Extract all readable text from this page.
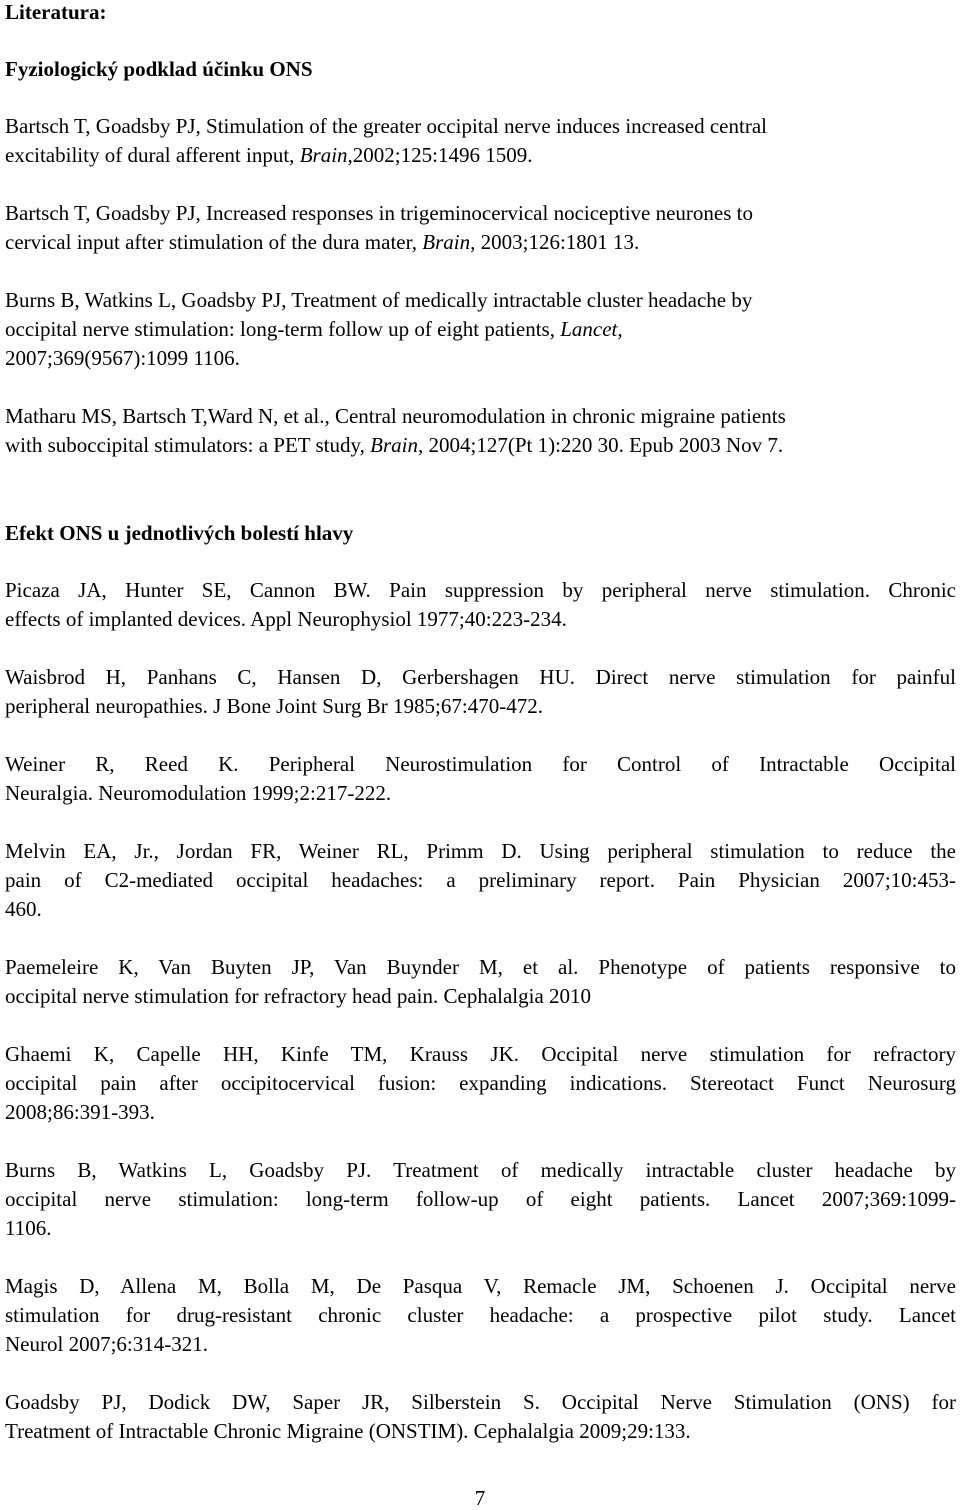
Literatura:
Fyziologický podklad účinku ONS
Bartsch T, Goadsby PJ, Stimulation of the greater occipital nerve induces increased central
excitability of dural afferent input, Brain,2002;125:1496 1509.
Bartsch T, Goadsby PJ, Increased responses in trigeminocervical nociceptive neurones to
cervical input after stimulation of the dura mater, Brain, 2003;126:1801 13.
Burns B, Watkins L, Goadsby PJ, Treatment of medically intractable cluster headache by
occipital nerve stimulation: long-term follow up of eight patients, Lancet,
2007;369(9567):1099 1106.
Matharu MS, Bartsch T,Ward N, et al., Central neuromodulation in chronic migraine patients
with suboccipital stimulators: a PET study, Brain, 2004;127(Pt 1):220 30. Epub 2003 Nov 7.
Efekt ONS u jednotlivých bolestí hlavy
Picaza JA, Hunter SE, Cannon BW. Pain suppression by peripheral nerve stimulation. Chronic
effects of implanted devices. Appl Neurophysiol 1977;40:223-234.
Waisbrod H, Panhans C, Hansen D, Gerbershagen HU. Direct nerve stimulation for painful
peripheral neuropathies. J Bone Joint Surg Br 1985;67:470-472.
Weiner R, Reed K. Peripheral Neurostimulation for Control of Intractable Occipital
Neuralgia. Neuromodulation 1999;2:217-222.
Melvin EA, Jr., Jordan FR, Weiner RL, Primm D. Using peripheral stimulation to reduce the
pain of C2-mediated occipital headaches: a preliminary report. Pain Physician 2007;10:453-
460.
Paemeleire K, Van Buyten JP, Van Buynder M, et al. Phenotype of patients responsive to
occipital nerve stimulation for refractory head pain. Cephalalgia 2010
Ghaemi K, Capelle HH, Kinfe TM, Krauss JK. Occipital nerve stimulation for refractory
occipital pain after occipitocervical fusion: expanding indications. Stereotact Funct Neurosurg
2008;86:391-393.
Burns B, Watkins L, Goadsby PJ. Treatment of medically intractable cluster headache by
occipital nerve stimulation: long-term follow-up of eight patients. Lancet 2007;369:1099-
1106.
Magis D, Allena M, Bolla M, De Pasqua V, Remacle JM, Schoenen J. Occipital nerve
stimulation for drug-resistant chronic cluster headache: a prospective pilot study. Lancet
Neurol 2007;6:314-321.
Goadsby PJ, Dodick DW, Saper JR, Silberstein S. Occipital Nerve Stimulation (ONS) for
Treatment of Intractable Chronic Migraine (ONSTIM). Cephalalgia 2009;29:133.
7
